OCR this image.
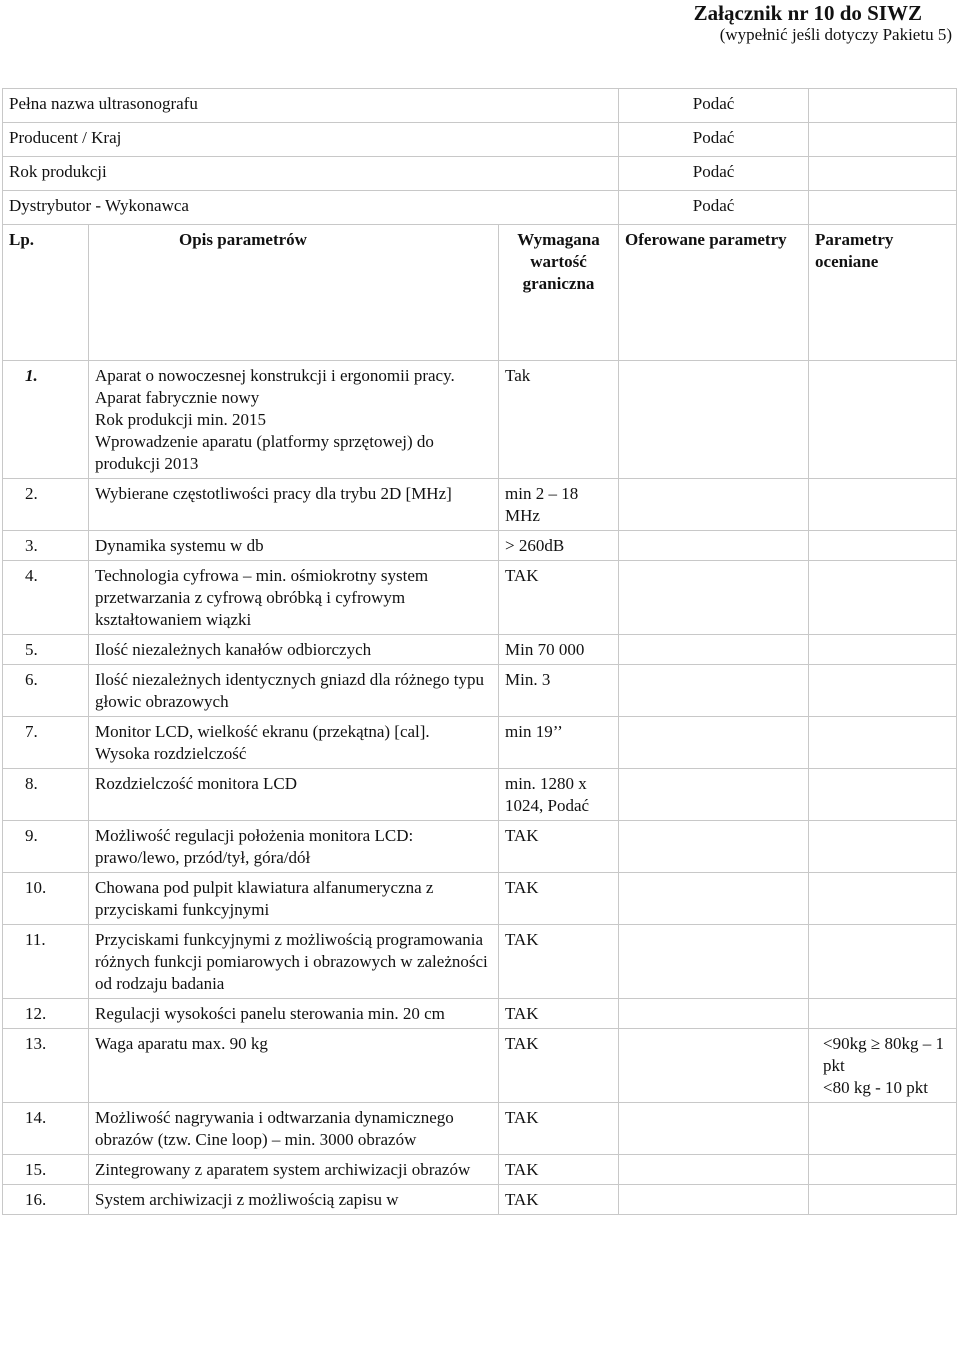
Załącznik nr 10 do SIWZ
(wypełnić jeśli dotyczy Pakietu 5)
Pełna nazwa ultrasonografu			Podać	
Producent / Kraj			Podać	
Rok produkcji			Podać	
Dystrybutor - Wykonawca			Podać	
Lp.	Opis parametrów	Wymagana wartość graniczna	Oferowane parametry	Parametry oceniane
1.	Aparat o nowoczesnej konstrukcji i ergonomii pracy.
Aparat fabrycznie nowy
Rok produkcji min. 2015
Wprowadzenie aparatu (platformy sprzętowej) do produkcji 2013	Tak		
2.	Wybierane częstotliwości pracy dla trybu 2D [MHz]	min 2 – 18 MHz		
3.	Dynamika systemu w db	> 260dB		
4.	Technologia cyfrowa – min. ośmiokrotny system przetwarzania z cyfrową obróbką i cyfrowym kształtowaniem wiązki	TAK		
5.	Ilość niezależnych kanałów odbiorczych	Min 70 000		
6.	Ilość niezależnych identycznych gniazd dla różnego typu głowic obrazowych	Min. 3		
7.	Monitor LCD, wielkość ekranu (przekątna) [cal].
Wysoka rozdzielczość	min 19’’		
8.	Rozdzielczość monitora LCD	min. 1280 x 1024, Podać		
9.	Możliwość regulacji położenia monitora LCD: prawo/lewo, przód/tył, góra/dół	TAK		
10.	Chowana pod pulpit klawiatura alfanumeryczna z przyciskami funkcyjnymi	TAK		
11.	Przyciskami funkcyjnymi z możliwością programowania różnych funkcji pomiarowych i obrazowych w zależności od rodzaju badania	TAK		
12.	Regulacji wysokości panelu sterowania min. 20 cm	TAK		
13.	Waga aparatu max. 90 kg	TAK		<90kg ≥ 80kg – 1 pkt
<80 kg - 10 pkt
14.	Możliwość nagrywania i odtwarzania dynamicznego obrazów (tzw. Cine loop) – min. 3000 obrazów	TAK		
15.	Zintegrowany z aparatem system archiwizacji obrazów	TAK		
16.	System archiwizacji z możliwością zapisu w	TAK		
